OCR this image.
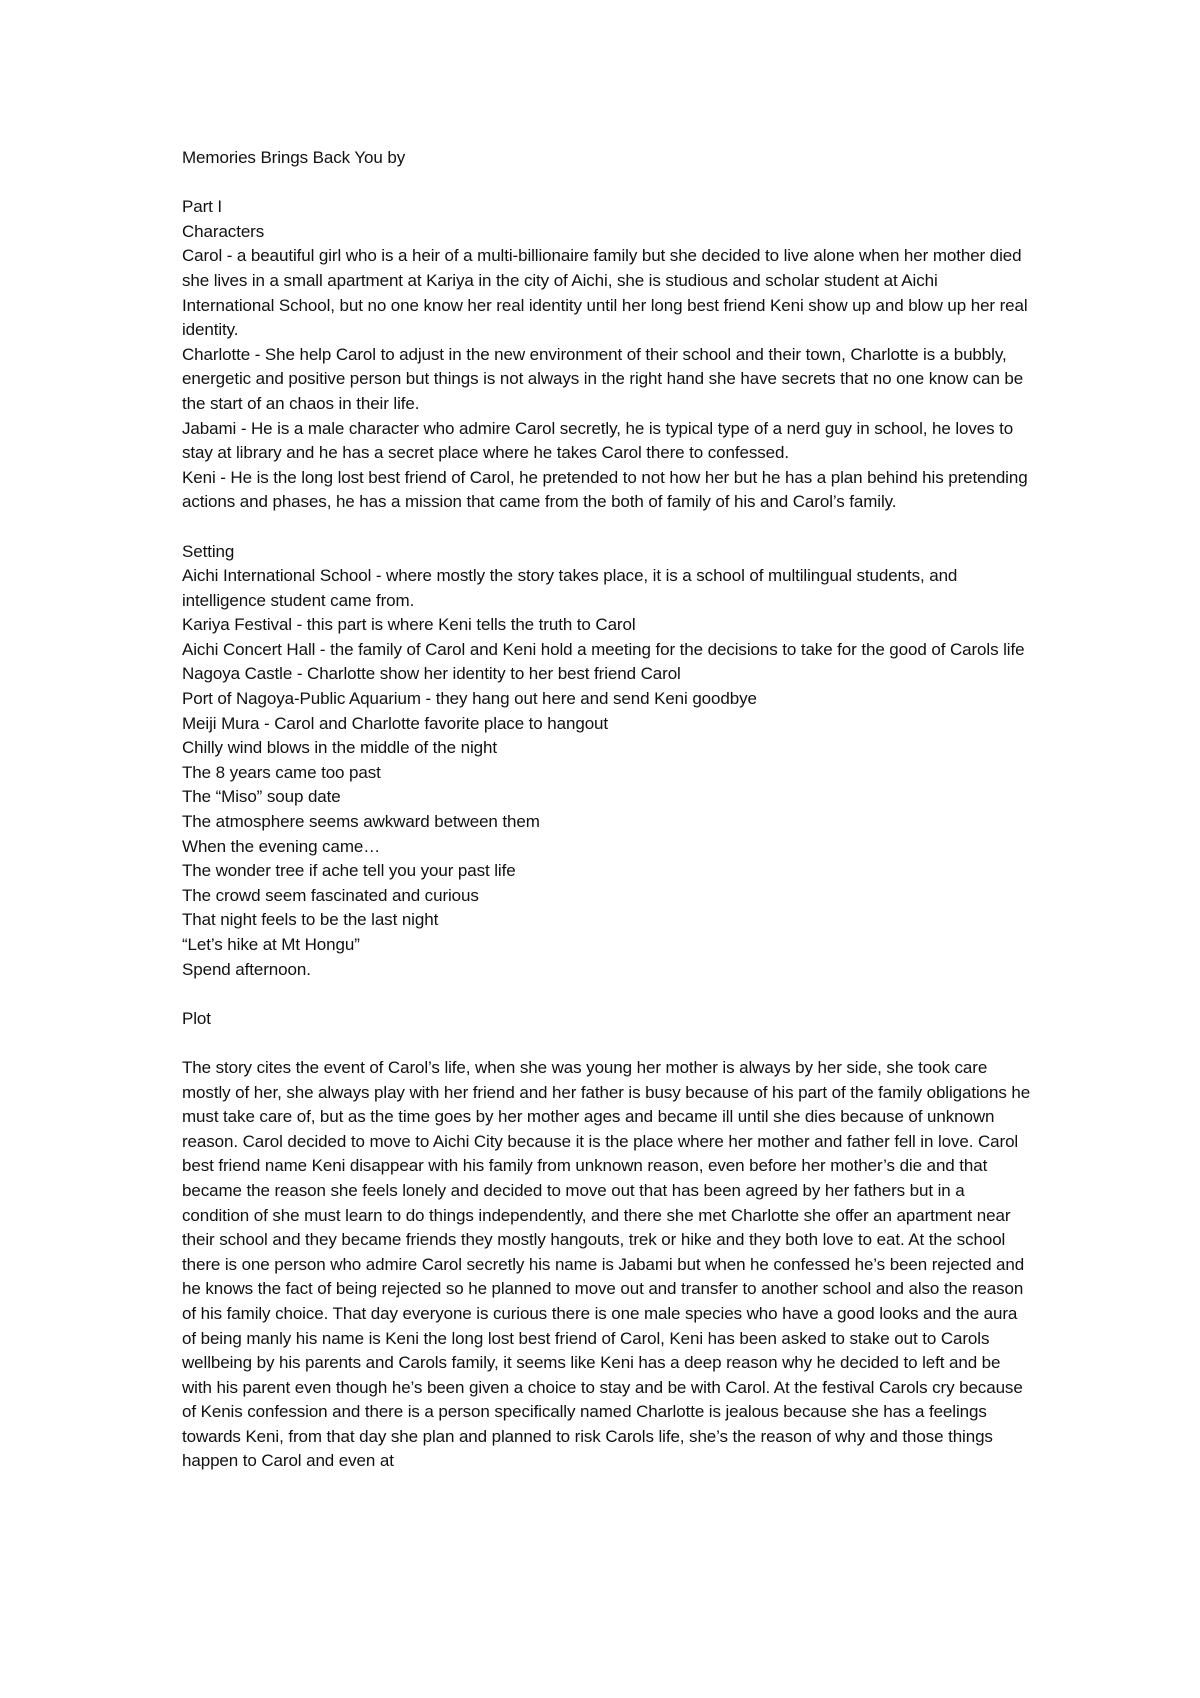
Memories Brings Back You by
Part I
Characters

Carol - a beautiful girl who is a heir of a multi-billionaire family but she decided to live alone when her mother died she lives in a small apartment at Kariya in the city of Aichi, she is studious and scholar student at Aichi International School, but no one know her real identity until her long best friend Keni show up and blow up her real identity.

Charlotte - She help Carol to adjust in the new environment of their school and their town, Charlotte is a bubbly, energetic and positive person but things is not always in the right hand she have secrets that no one know can be the start of an chaos in their life.

Jabami - He is a male character who admire Carol secretly, he is typical type of a nerd guy in school, he loves to stay at library and he has a secret place where he takes Carol there to confessed.

Keni - He is the long lost best friend of Carol, he pretended to not how her but he has a plan behind his pretending actions and phases, he has a mission that came from the both of family of his and Carol’s family.

Setting

Aichi International School - where mostly the story takes place, it is a school of multilingual students, and intelligence student came from.

Kariya Festival - this part is where Keni tells the truth to Carol

Aichi Concert Hall - the family of Carol and Keni hold a meeting for the decisions to take for the good of Carols life

Nagoya Castle - Charlotte show her identity to her best friend Carol

Port of Nagoya-Public Aquarium - they hang out here and send Keni goodbye

Meiji Mura - Carol and Charlotte favorite place to hangout

Chilly wind blows in the middle of the night

The 8 years came too past

The “Miso” soup date

The atmosphere seems awkward between them

When the evening came…

The wonder tree if ache tell you your past life

The crowd seem fascinated and curious

That night feels to be the last night

“Let’s hike at Mt Hongu”

Spend afternoon.

Plot

The story cites the event of Carol’s life, when she was young her mother is always by her side, she took care mostly of her, she always play with her friend and her father is busy because of his part of the family obligations he must take care of, but as the time goes by her mother ages and became ill until she dies because of unknown reason. Carol decided to move to Aichi City because it is the place where her mother and father fell in love. Carol best friend name Keni disappear with his family from unknown reason, even before her mother’s die and that became the reason she feels lonely and decided to move out that has been agreed by her fathers but in a condition of she must learn to do things independently, and there she met Charlotte she offer an apartment near their school and they became friends they mostly hangouts, trek or hike and they both love to eat. At the school there is one person who admire Carol secretly his name is Jabami but when he confessed he’s been rejected and he knows the fact of being rejected so he planned to move out and transfer to another school and also the reason of his family choice. That day everyone is curious there is one male species who have a good looks and the aura of being manly his name is Keni the long lost best friend of Carol, Keni has been asked to stake out to Carols wellbeing by his parents and Carols family, it seems like Keni has a deep reason why he decided to left and be with his parent even though he’s been given a choice to stay and be with Carol. At the festival Carols cry because of Kenis confession and there is a person specifically named Charlotte is jealous because she has a feelings towards Keni, from that day she plan and planned to risk Carols life, she’s the reason of why and those things happen to Carol and even at
